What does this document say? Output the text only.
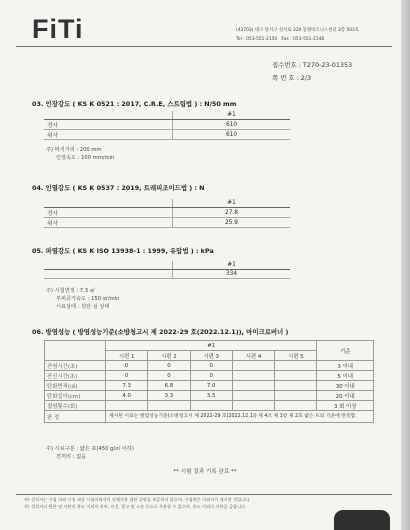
FiTi	(42703) 대구 달서구 성서로 329 동원비즈니스센터 3층 503호
Tel : 053-551-2150 Fax : 053-551-2148
접수번호 : T270-23-01353
쪽 번 호 : 2/3
03. 인장강도 ( KS K 0521 : 2017, C.R.E, 스트립법 ) : N/50 mm
	#1
경사	610
위사	610
주) 파지거리 : 200 mm
인장속도 : 100 mm/min
04. 인열강도 ( KS K 0537 : 2019, 트래피조이드법 ) : N
	#1
경사	27.8
위사	25.9
05. 파열강도 ( KS K ISO 13938-1 : 1999, 유압법 ) : kPa
	#1
	334
주) 시험면적 : 7.3 ㎠
부피증가속도 : 150 ㎤/min
시료상태 : 원단 실 상태
06. 방염성능 ( 방염성능기준(소방청고시 제 2022-29 호(2022.12.1)), 마이크로버너 )
	#1					기준
	시편 1	시편 2	시편 3	시편 4	시편 5	
잔염시간(초)	0	0	0			3 이내
잔신시간(초)	0	0	0			5 이내
탄화면적(㎠)	7.3	6.8	7.0			30 이내
탄화길이(cm)	4.0	3.3	3.5			20 이내
접염횟수(회)						3 회 이상
판 정	제시된 시료는 방염성능기준(소방청고시 제 2022-29 호(2022.12.1)) 제 4조 제 1항 제 2호 얇은 포의 기준에 만족함.					
주) 시료구분 : 얇은 포(450 g/㎡ 이하)
전처리 : 없음
** 시험 결과 기록 완료 **
주) 성적서는 시험 의뢰 신청 대상 시험의뢰자의 전체적용 대한 증명을 보증하지 않으며, 시험편은 의뢰자가 제시한 것입니다.
주) 성적서의 원본 및 사본의 용도 이외의 홍보, 선전, 광고 및 소송 등으로 사용할 수 없으며, 용도 이외의 사용을 금합니다.
